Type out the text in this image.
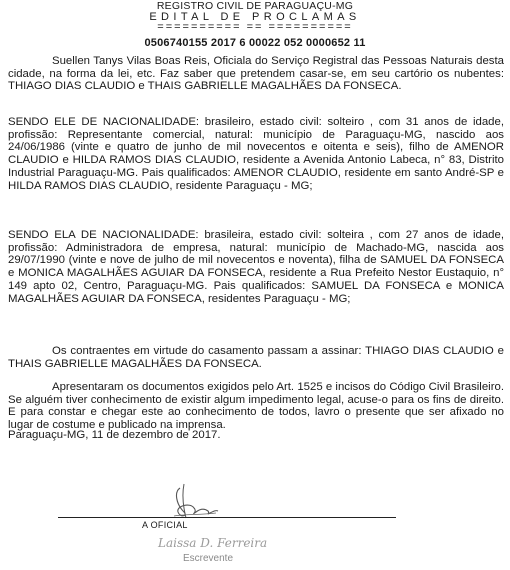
REGISTRO CIVIL DE PARAGUAÇU-MG
EDITAL DE PROCLAMAS
========== == ==========
0506740155 2017 6 00022 052 0000652 11

Suellen Tanys Vilas Boas Reis, Oficiala do Serviço Registral das Pessoas Naturais desta cidade, na forma da lei, etc. Faz saber que pretendem casar-se, em seu cartório os nubentes: THIAGO DIAS CLAUDIO e THAIS GABRIELLE MAGALHÃES DA FONSECA.

SENDO ELE DE NACIONALIDADE: brasileiro, estado civil: solteiro , com 31 anos de idade, profissão: Representante comercial, natural: município de Paraguaçu-MG, nascido aos 24/06/1986 (vinte e quatro de junho de mil novecentos e oitenta e seis), filho de AMENOR CLAUDIO e HILDA RAMOS DIAS CLAUDIO, residente a Avenida Antonio Labeca, n° 83, Distrito Industrial Paraguaçu-MG. Pais qualificados: AMENOR CLAUDIO, residente em santo André-SP e HILDA RAMOS DIAS CLAUDIO, residente Paraguaçu - MG;

SENDO ELA DE NACIONALIDADE: brasileira, estado civil: solteira , com 27 anos de idade, profissão: Administradora de empresa, natural: município de Machado-MG, nascida aos 29/07/1990 (vinte e nove de julho de mil novecentos e noventa), filha de SAMUEL DA FONSECA e MONICA MAGALHÃES AGUIAR DA FONSECA, residente a Rua Prefeito Nestor Eustaquio, n° 149 apto 02, Centro, Paraguaçu-MG. Pais qualificados: SAMUEL DA FONSECA e MONICA MAGALHÃES AGUIAR DA FONSECA, residentes Paraguaçu - MG;

Os contraentes em virtude do casamento passam a assinar: THIAGO DIAS CLAUDIO e THAIS GABRIELLE MAGALHÃES DA FONSECA.

Apresentaram os documentos exigidos pelo Art. 1525 e incisos do Código Civil Brasileiro. Se alguém tiver conhecimento de existir algum impedimento legal, acuse-o para os fins de direito. E para constar e chegar este ao conhecimento de todos, lavro o presente que ser afixado no lugar de costume e publicado na imprensa.

Paraguaçu-MG, 11 de dezembro de 2017.

A OFICIAL
Laissa D. Ferreira
Escrevente
